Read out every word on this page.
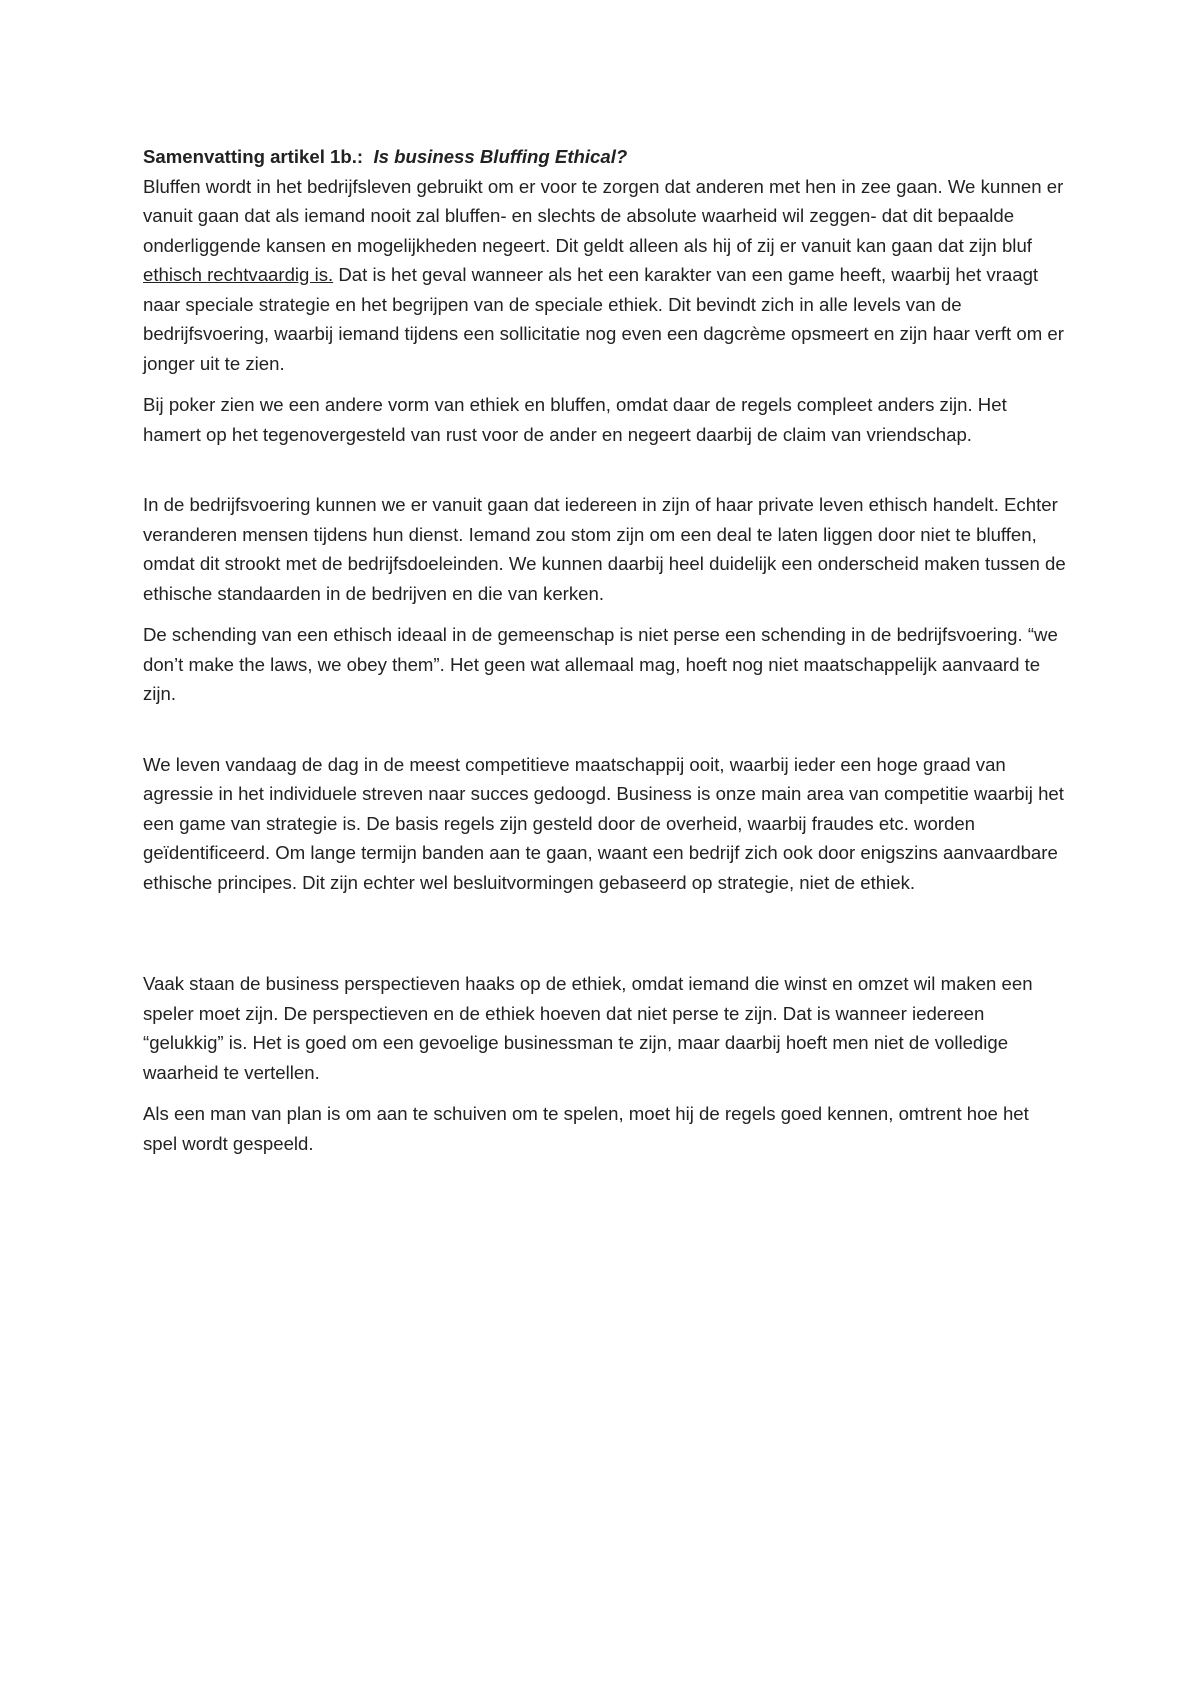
Samenvatting artikel 1b.: Is business Bluffing Ethical?

Bluffen wordt in het bedrijfsleven gebruikt om er voor te zorgen dat anderen met hen in zee gaan. We kunnen er vanuit gaan dat als iemand nooit zal bluffen- en slechts de absolute waarheid wil zeggen- dat dit bepaalde onderliggende kansen en mogelijkheden negeert. Dit geldt alleen als hij of zij er vanuit kan gaan dat zijn bluf ethisch rechtvaardig is. Dat is het geval wanneer als het een karakter van een game heeft, waarbij het vraagt naar speciale strategie en het begrijpen van de speciale ethiek. Dit bevindt zich in alle levels van de bedrijfsvoering, waarbij iemand tijdens een sollicitatie nog even een dagcrème opsmeert en zijn haar verft om er jonger uit te zien.

Bij poker zien we een andere vorm van ethiek en bluffen, omdat daar de regels compleet anders zijn. Het hamert op het tegenovergesteld van rust voor de ander en negeert daarbij de claim van vriendschap.

In de bedrijfsvoering kunnen we er vanuit gaan dat iedereen in zijn of haar private leven ethisch handelt. Echter veranderen mensen tijdens hun dienst. Iemand zou stom zijn om een deal te laten liggen door niet te bluffen, omdat dit strookt met de bedrijfsdoeleinden. We kunnen daarbij heel duidelijk een onderscheid maken tussen de ethische standaarden in de bedrijven en die van kerken.

De schending van een ethisch ideaal in de gemeenschap is niet perse een schending in de bedrijfsvoering. “we don’t make the laws, we obey them”. Het geen wat allemaal mag, hoeft nog niet maatschappelijk aanvaard te zijn.

We leven vandaag de dag in de meest competitieve maatschappij ooit, waarbij ieder een hoge graad van agressie in het individuele streven naar succes gedoogd. Business is onze main area van competitie waarbij het een game van strategie is. De basis regels zijn gesteld door de overheid, waarbij fraudes etc. worden geïdentificeerd. Om lange termijn banden aan te gaan, waant een bedrijf zich ook door enigszins aanvaardbare ethische principes. Dit zijn echter wel besluitvormingen gebaseerd op strategie, niet de ethiek.

Vaak staan de business perspectieven haaks op de ethiek, omdat iemand die winst en omzet wil maken een speler moet zijn. De perspectieven en de ethiek hoeven dat niet perse te zijn. Dat is wanneer iedereen “gelukkig” is. Het is goed om een gevoelige businessman te zijn, maar daarbij hoeft men niet de volledige waarheid te vertellen.

Als een man van plan is om aan te schuiven om te spelen, moet hij de regels goed kennen, omtrent hoe het spel wordt gespeeld.
